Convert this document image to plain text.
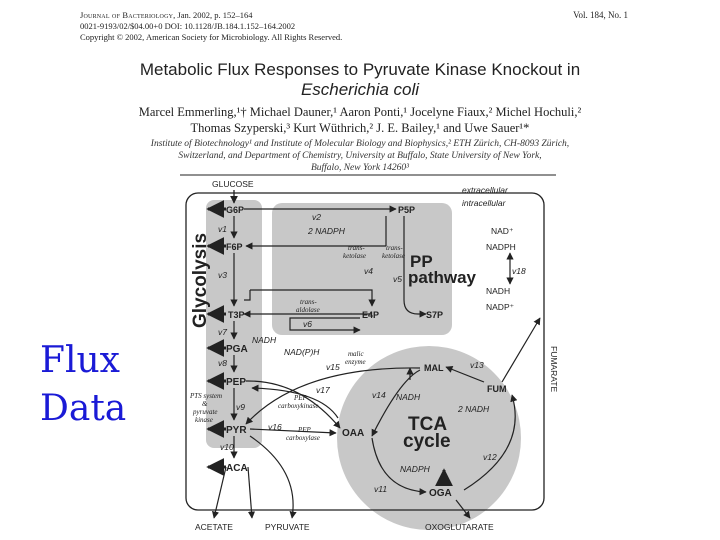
Journal of Bacteriology, Jan. 2002, p. 152–164
0021-9193/02/$04.00+0 DOI: 10.1128/JB.184.1.152–164.2002
Copyright © 2002, American Society for Microbiology. All Rights Reserved.
Vol. 184, No. 1
Metabolic Flux Responses to Pyruvate Kinase Knockout in
Escherichia coli
Marcel Emmerling,¹† Michael Dauner,¹ Aaron Ponti,¹ Jocelyne Fiaux,² Michel Hochuli,²
Thomas Szyperski,³ Kurt Wüthrich,² J. E. Bailey,¹ and Uwe Sauer¹*
Institute of Biotechnology¹ and Institute of Molecular Biology and Biophysics,² ETH Zürich, CH-8093 Zürich,
Switzerland, and Department of Chemistry, University at Buffalo, State University of New York,
Buffalo, New York 14260³
Flux
Data
extracellular
intracellular
Glycolysis	PP
pathway
TCA
cycle
GLUCOSE
G6P
F6P
T3P
PGA
PEP
PYR
ACA
v1
v3
v7
v8
v9
v10
NADH
PTS system
&
pyruvate
kinase
v2
2 NADPH
P5P
v4
v5
trans-
ketolase
trans-
ketolase
trans-
aldolase	E4P	S7P
v6
NAD⁺
NADPH
v18
NADH
NADP⁺
v17
PEP
carboxykinase
v16 PEP
carboxylase
NAD(P)H	malic
enzyme
v15
OAA
MAL
FUM
OGA
v13
v12
2 NADH
v14 NADH
v11
NADPH
FUMARATE
ACETATE	PYRUVATE	OXOGLUTARATE
